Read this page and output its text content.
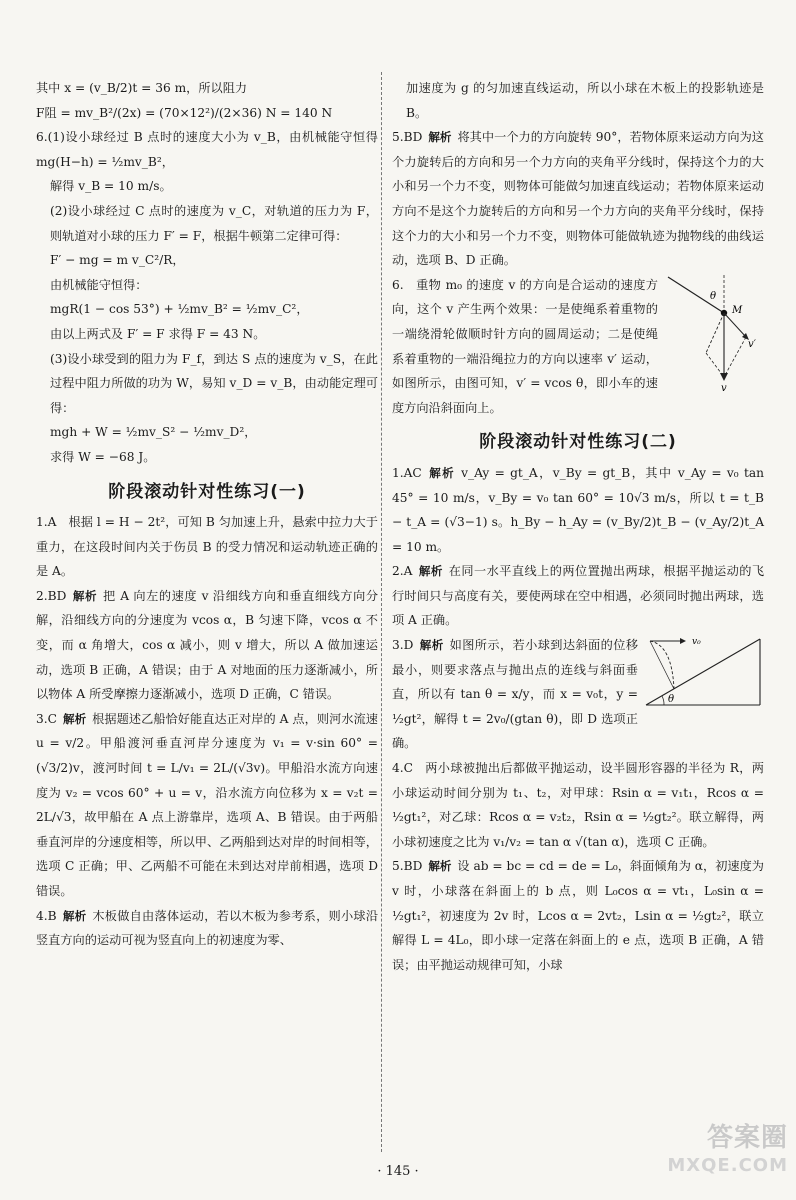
其中 x = (v_B/2)t = 36 m，所以阻力

F阻 = mv_B²/(2x) = (70×12²)/(2×36) N = 140 N

6.(1)设小球经过 B 点时的速度大小为 v_B，由机械能守恒得 mg(H−h) = ½mv_B²，

解得 v_B = 10 m/s。

(2)设小球经过 C 点时的速度为 v_C，对轨道的压力为 F，则轨道对小球的压力 F′ = F，根据牛顿第二定律可得：

F′ − mg = m v_C²/R，

由机械能守恒得：

mgR(1 − cos 53°) + ½mv_B² = ½mv_C²，

由以上两式及 F′ = F 求得 F = 43 N。

(3)设小球受到的阻力为 F_f，到达 S 点的速度为 v_S，在此过程中阻力所做的功为 W，易知 v_D = v_B，由动能定理可得：

mgh + W = ½mv_S² − ½mv_D²，

求得 W = −68 J。

阶段滚动针对性练习(一)

1.A 根据 l = H − 2t²，可知 B 匀加速上升，悬索中拉力大于重力，在这段时间内关于伤员 B 的受力情况和运动轨迹正确的是 A。

2.BD 解析 把 A 向左的速度 v 沿细线方向和垂直细线方向分解，沿细线方向的分速度为 vcos α，B 匀速下降，vcos α 不变，而 α 角增大，cos α 减小，则 v 增大，所以 A 做加速运动，选项 B 正确，A 错误；由于 A 对地面的压力逐渐减小，所以物体 A 所受摩擦力逐渐减小，选项 D 正确，C 错误。

3.C 解析 根据题述乙船恰好能直达正对岸的 A 点，则河水流速 u = v/2。甲船渡河垂直河岸分速度为 v₁ = v·sin 60° = (√3/2)v，渡河时间 t = L/v₁ = 2L/(√3v)。甲船沿水流方向速度为 v₂ = vcos 60° + u = v，沿水流方向位移为 x = v₂t = 2L/√3，故甲船在 A 点上游靠岸，选项 A、B 错误。由于两船垂直河岸的分速度相等，所以甲、乙两船到达对岸的时间相等，选项 C 正确；甲、乙两船不可能在未到达对岸前相遇，选项 D 错误。

4.B 解析 木板做自由落体运动，若以木板为参考系，则小球沿竖直方向的运动可视为竖直向上的初速度为零、

加速度为 g 的匀加速直线运动，所以小球在木板上的投影轨迹是 B。

5.BD 解析 将其中一个力的方向旋转 90°，若物体原来运动方向为这个力旋转后的方向和另一个力方向的夹角平分线时，保持这个力的大小和另一个力不变，则物体可能做匀加速直线运动；若物体原来运动方向不是这个力旋转后的方向和另一个力方向的夹角平分线时，保持这个力的大小和另一个力不变，则物体可能做轨迹为抛物线的曲线运动，选项 B、D 正确。

θ
M
v
v′

6. 重物 m₀ 的速度 v 的方向是合运动的速度方向，这个 v 产生两个效果：一是使绳系着重物的一端绕滑轮做顺时针方向的圆周运动；二是使绳系着重物的一端沿绳拉力的方向以速率 v′ 运动，如图所示，由图可知，v′ = vcos θ，即小车的速度方向沿斜面向上。

阶段滚动针对性练习(二)

1.AC 解析 v_Ay = gt_A，v_By = gt_B，其中 v_Ay = v₀ tan 45° = 10 m/s，v_By = v₀ tan 60° = 10√3 m/s，所以 t = t_B − t_A = (√3−1) s。h_By − h_Ay = (v_By/2)t_B − (v_Ay/2)t_A = 10 m。

2.A 解析 在同一水平直线上的两位置抛出两球，根据平抛运动的飞行时间只与高度有关，要使两球在空中相遇，必须同时抛出两球，选项 A 正确。

v₀
θ

3.D 解析 如图所示，若小球到达斜面的位移最小，则要求落点与抛出点的连线与斜面垂直，所以有 tan θ = x/y，而 x = v₀t，y = ½gt²，解得 t = 2v₀/(gtan θ)，即 D 选项正确。

4.C 两小球被抛出后都做平抛运动，设半圆形容器的半径为 R，两小球运动时间分别为 t₁、t₂，对甲球：Rsin α = v₁t₁，Rcos α = ½gt₁²，对乙球：Rcos α = v₂t₂，Rsin α = ½gt₂²。联立解得，两小球初速度之比为 v₁/v₂ = tan α √(tan α)，选项 C 正确。

5.BD 解析 设 ab = bc = cd = de = L₀，斜面倾角为 α，初速度为 v 时，小球落在斜面上的 b 点，则 L₀cos α = vt₁，L₀sin α = ½gt₁²，初速度为 2v 时，Lcos α = 2vt₂，Lsin α = ½gt₂²，联立解得 L = 4L₀，即小球一定落在斜面上的 e 点，选项 B 正确，A 错误；由平抛运动规律可知，小球

答案圈
MXQE.COM
· 145 ·
